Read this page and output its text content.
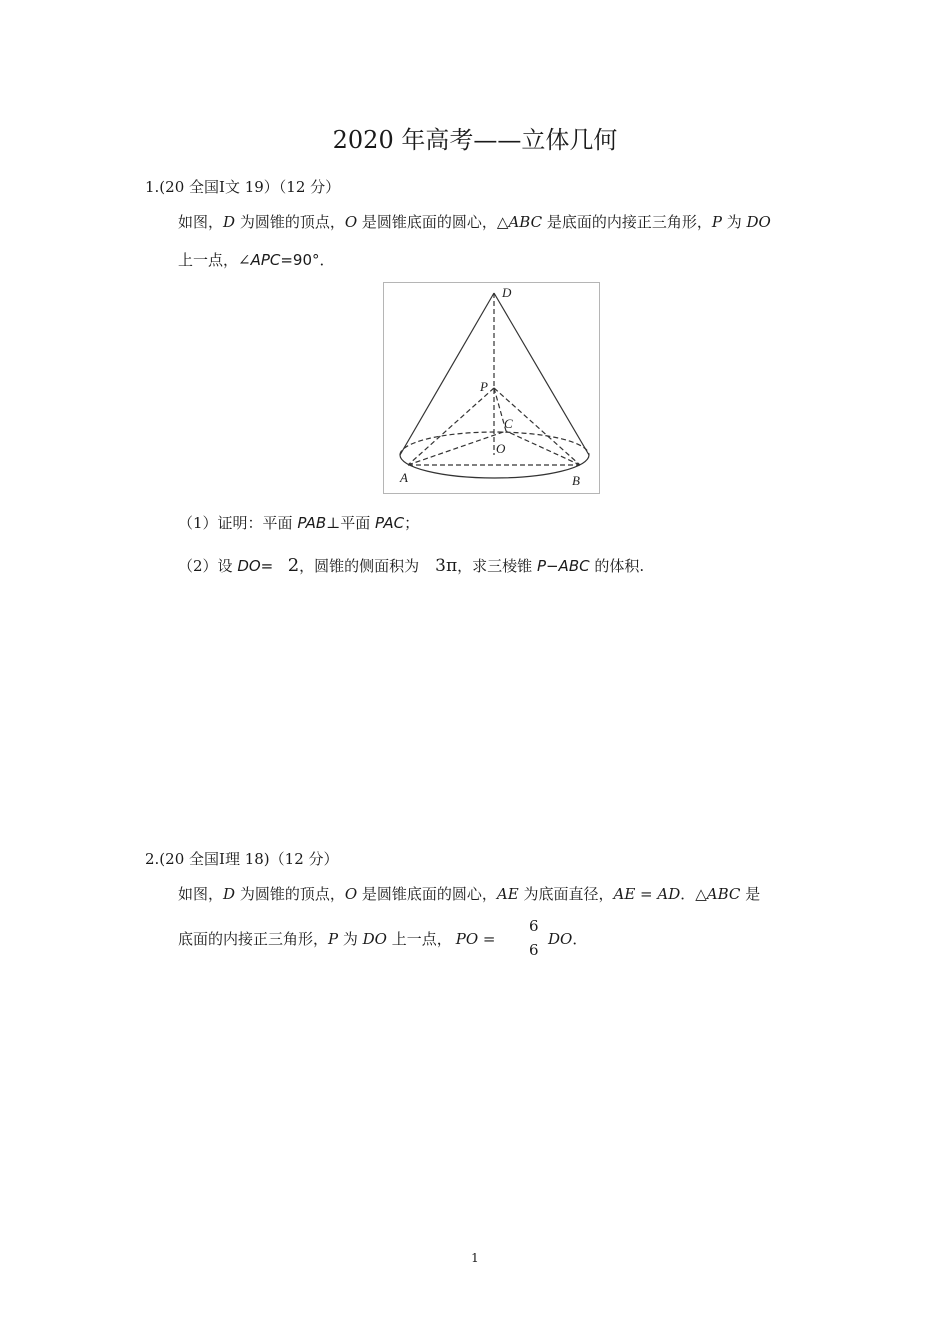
2020 年高考——立体几何
1.(20 全国Ⅰ文 19）（12 分）
如图，D 为圆锥的顶点，O 是圆锥底面的圆心，△ABC 是底面的内接正三角形，P 为 DO
上一点，∠APC=90°．
D
P
C
O
A	B
（1）证明：平面 PAB⊥平面 PAC；
（2）设 DO= √2，圆锥的侧面积为 3π，求三棱锥 P−ABC 的体积.
2.(20 全国Ⅰ理 18)（12 分）
如图，D 为圆锥的顶点，O 是圆锥底面的圆心，AE 为底面直径，AE = AD．△ABC 是
底面的内接正三角形，P 为 DO 上一点， PO =
6
6
DO．
1
